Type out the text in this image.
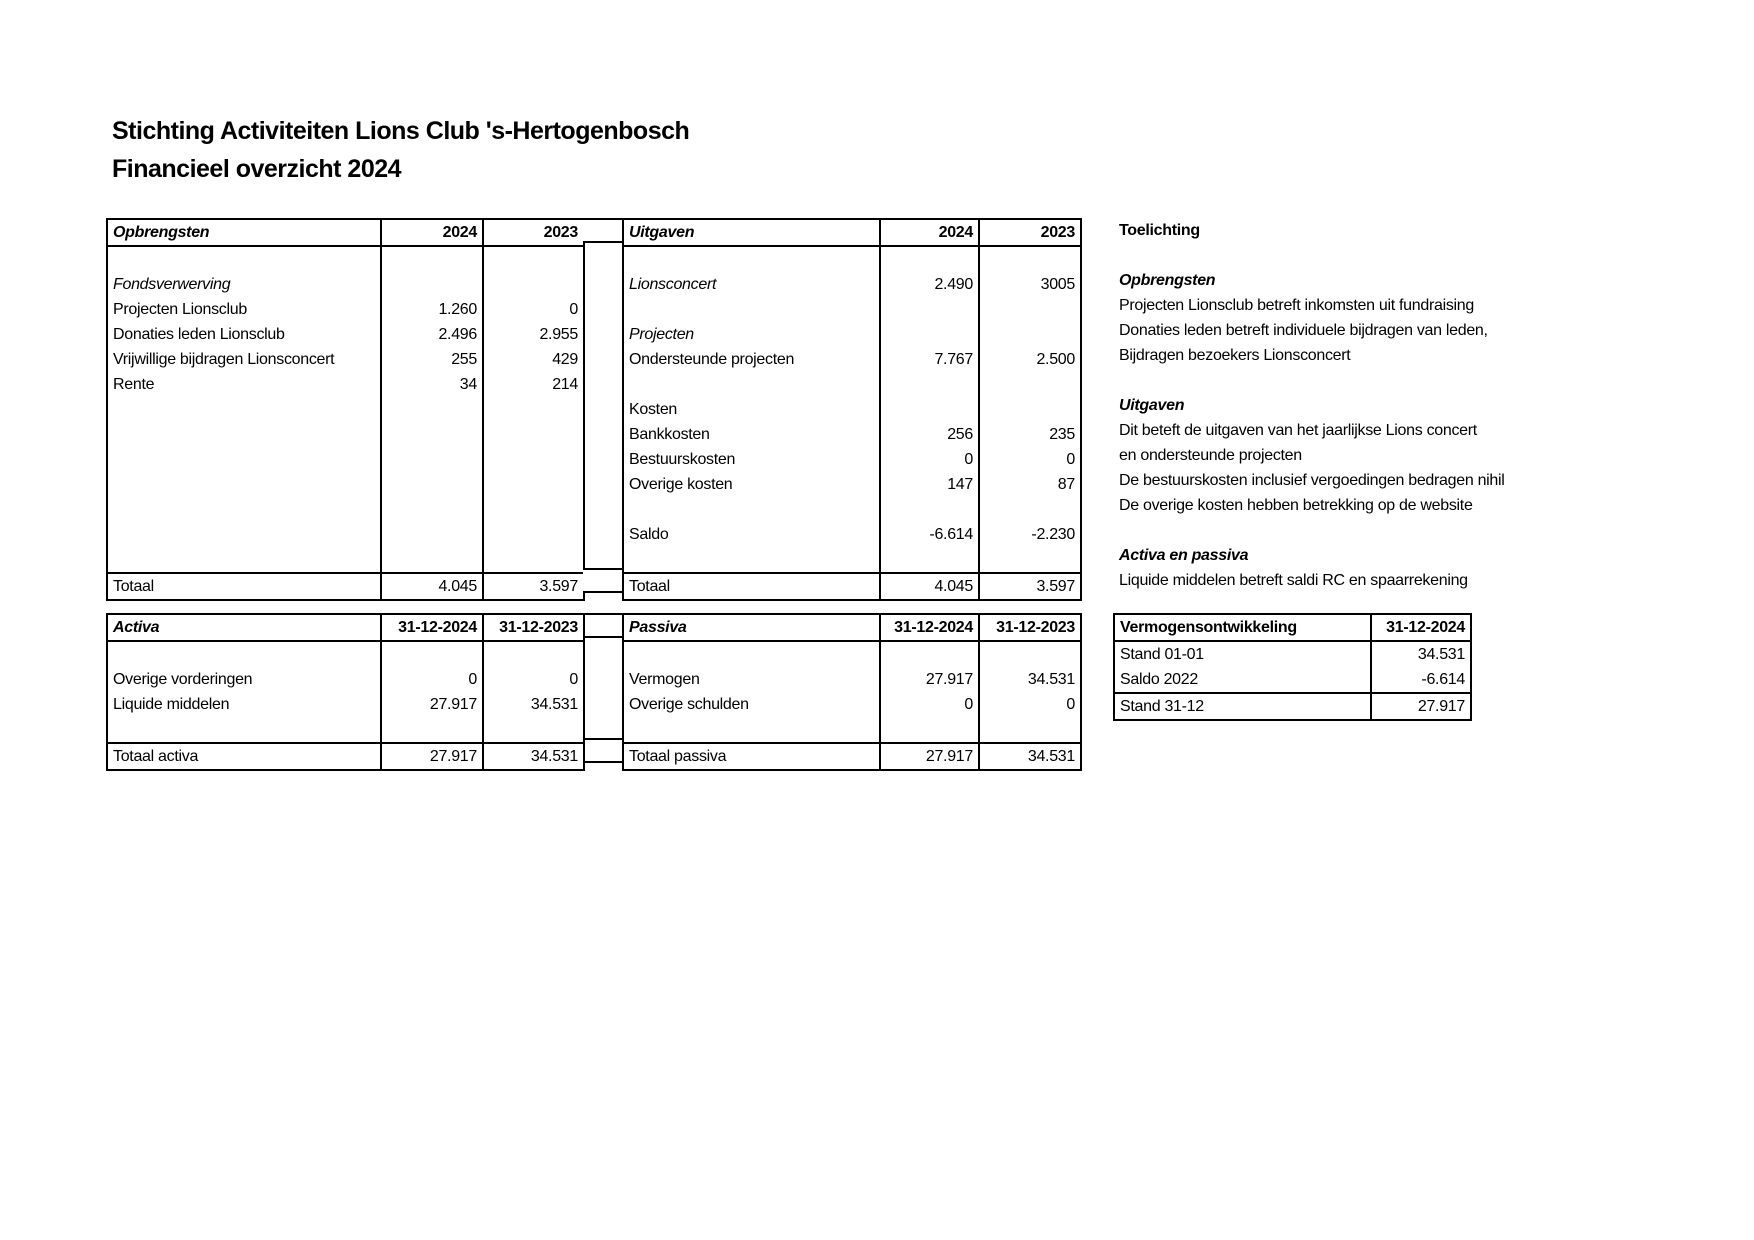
Stichting Activiteiten Lions Club 's-Hertogenbosch
Financieel overzicht 2024
Opbrengsten	2024	2023

Fondsverwerving		
Projecten Lionsclub	1.260	0
Donaties leden Lionsclub	2.496	2.955
Vrijwillige bijdragen Lionsconcert	255	429
Rente	34	214

Totaal	4.045	3.597
Uitgaven	2024	2023

Lionsconcert	2.490	3005

Projecten		
Ondersteunde projecten	7.767	2.500

Kosten		
Bankkosten	256	235
Bestuurskosten	0	0
Overige kosten	147	87

Saldo	-6.614	-2.230

Totaal	4.045	3.597
Toelichting
Opbrengsten
Projecten Lionsclub betreft inkomsten uit fundraising
Donaties leden betreft individuele bijdragen van leden,
Bijdragen bezoekers Lionsconcert
Uitgaven
Dit beteft de uitgaven van het jaarlijkse Lions concert
en ondersteunde projecten
De bestuurskosten inclusief vergoedingen bedragen nihil
De overige kosten hebben betrekking op de website
Activa en passiva
Liquide middelen betreft saldi RC en spaarrekening
Activa	31-12-2024	31-12-2023

Overige vorderingen	0	0
Liquide middelen	27.917	34.531

Totaal activa	27.917	34.531
Passiva	31-12-2024	31-12-2023

Vermogen	27.917	34.531
Overige schulden	0	0

Totaal passiva	27.917	34.531
Vermogensontwikkeling	31-12-2024
Stand 01-01	34.531
Saldo 2022	-6.614
Stand 31-12	27.917
